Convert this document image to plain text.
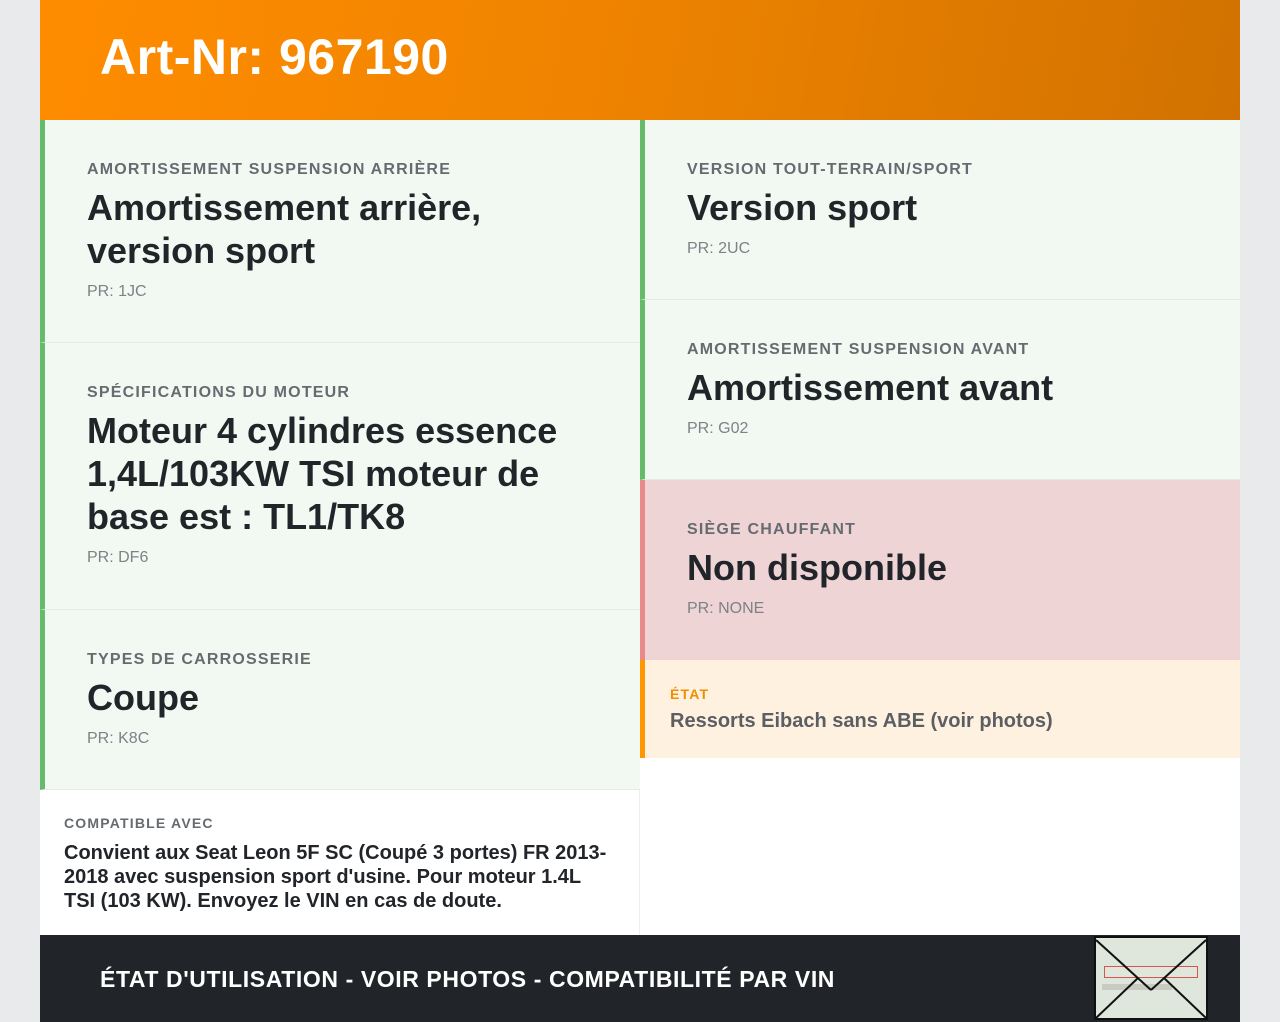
Art-Nr: 967190
AMORTISSEMENT SUSPENSION ARRIÈRE
Amortissement arrière, version sport
PR: 1JC
SPÉCIFICATIONS DU MOTEUR
Moteur 4 cylindres essence 1,4L/103KW TSI moteur de base est : TL1/TK8
PR: DF6
TYPES DE CARROSSERIE
Coupe
PR: K8C
VERSION TOUT-TERRAIN/SPORT
Version sport
PR: 2UC
AMORTISSEMENT SUSPENSION AVANT
Amortissement avant
PR: G02
SIÈGE CHAUFFANT
Non disponible
PR: NONE
ÉTAT
Ressorts Eibach sans ABE (voir photos)
COMPATIBLE AVEC
Convient aux Seat Leon 5F SC (Coupé 3 portes) FR 2013-2018 avec suspension sport d'usine. Pour moteur 1.4L TSI (103 KW). Envoyez le VIN en cas de doute.
ÉTAT D'UTILISATION - VOIR PHOTOS - COMPATIBILITÉ PAR VIN
